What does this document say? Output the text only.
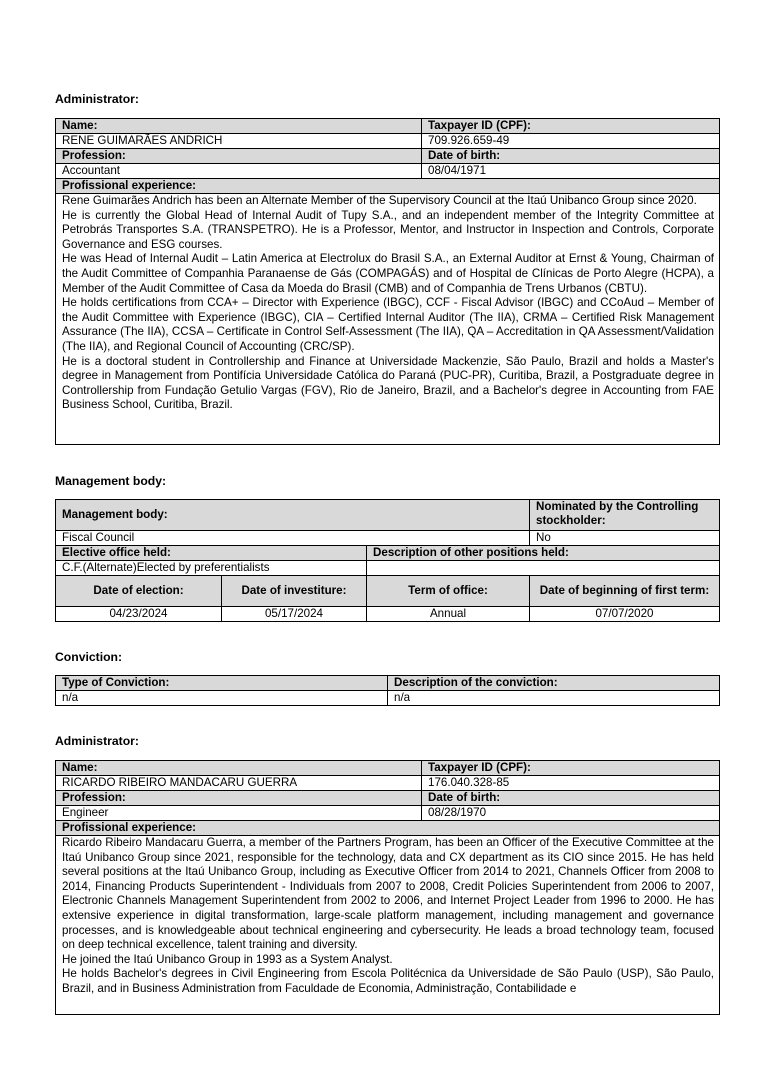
Administrator:
Name:	Taxpayer ID (CPF):
RENE GUIMARÃES ANDRICH	709.926.659-49
Profession:	Date of birth:
Accountant	08/04/1971
Profissional experience:	

Rene Guimarães Andrich has been an Alternate Member of the Supervisory Council at the Itaú Unibanco Group since 2020.

He is currently the Global Head of Internal Audit of Tupy S.A., and an independent member of the Integrity Committee at Petrobrás Transportes S.A. (TRANSPETRO). He is a Professor, Mentor, and Instructor in Inspection and Controls, Corporate Governance and ESG courses.

He was Head of Internal Audit – Latin America at Electrolux do Brasil S.A., an External Auditor at Ernst & Young, Chairman of the Audit Committee of Companhia Paranaense de Gás (COMPAGÁS) and of Hospital de Clínicas de Porto Alegre (HCPA), a Member of the Audit Committee of Casa da Moeda do Brasil (CMB) and of Companhia de Trens Urbanos (CBTU).

He holds certifications from CCA+ – Director with Experience (IBGC), CCF - Fiscal Advisor (IBGC) and CCoAud – Member of the Audit Committee with Experience (IBGC), CIA – Certified Internal Auditor (The IIA), CRMA – Certified Risk Management Assurance (The IIA), CCSA – Certificate in Control Self-Assessment (The IIA), QA – Accreditation in QA Assessment/Validation (The IIA), and Regional Council of Accounting (CRC/SP).

He is a doctoral student in Controllership and Finance at Universidade Mackenzie, São Paulo, Brazil and holds a Master's degree in Management from Pontifícia Universidade Católica do Paraná (PUC-PR), Curitiba, Brazil, a Postgraduate degree in Controllership from Fundação Getulio Vargas (FGV), Rio de Janeiro, Brazil, and a Bachelor's degree in Accounting from FAE Business School, Curitiba, Brazil.	

Management body:
Management body:			Nominated by the Controlling stockholder:
Fiscal Council			No
Elective office held:		Description of other positions held:	
C.F.(Alternate)Elected by preferentialists			
Date of election:	Date of investiture:	Term of office:	Date of beginning of first term:
04/23/2024	05/17/2024	Annual	07/07/2020
Conviction:
Type of Conviction:	Description of the conviction:
n/a	n/a
Administrator:
Name:	Taxpayer ID (CPF):
RICARDO RIBEIRO MANDACARU GUERRA	176.040.328-85
Profession:	Date of birth:
Engineer	08/28/1970
Profissional experience:	

Ricardo Ribeiro Mandacaru Guerra, a member of the Partners Program, has been an Officer of the Executive Committee at the Itaú Unibanco Group since 2021, responsible for the technology, data and CX department as its CIO since 2015. He has held several positions at the Itaú Unibanco Group, including as Executive Officer from 2014 to 2021, Channels Officer from 2008 to 2014, Financing Products Superintendent - Individuals from 2007 to 2008, Credit Policies Superintendent from 2006 to 2007, Electronic Channels Management Superintendent from 2002 to 2006, and Internet Project Leader from 1996 to 2000. He has extensive experience in digital transformation, large-scale platform management, including management and governance processes, and is knowledgeable about technical engineering and cybersecurity. He leads a broad technology team, focused on deep technical excellence, talent training and diversity.

He joined the Itaú Unibanco Group in 1993 as a System Analyst.

He holds Bachelor's degrees in Civil Engineering from Escola Politécnica da Universidade de São Paulo (USP), São Paulo, Brazil, and in Business Administration from Faculdade de Economia, Administração, Contabilidade e	
